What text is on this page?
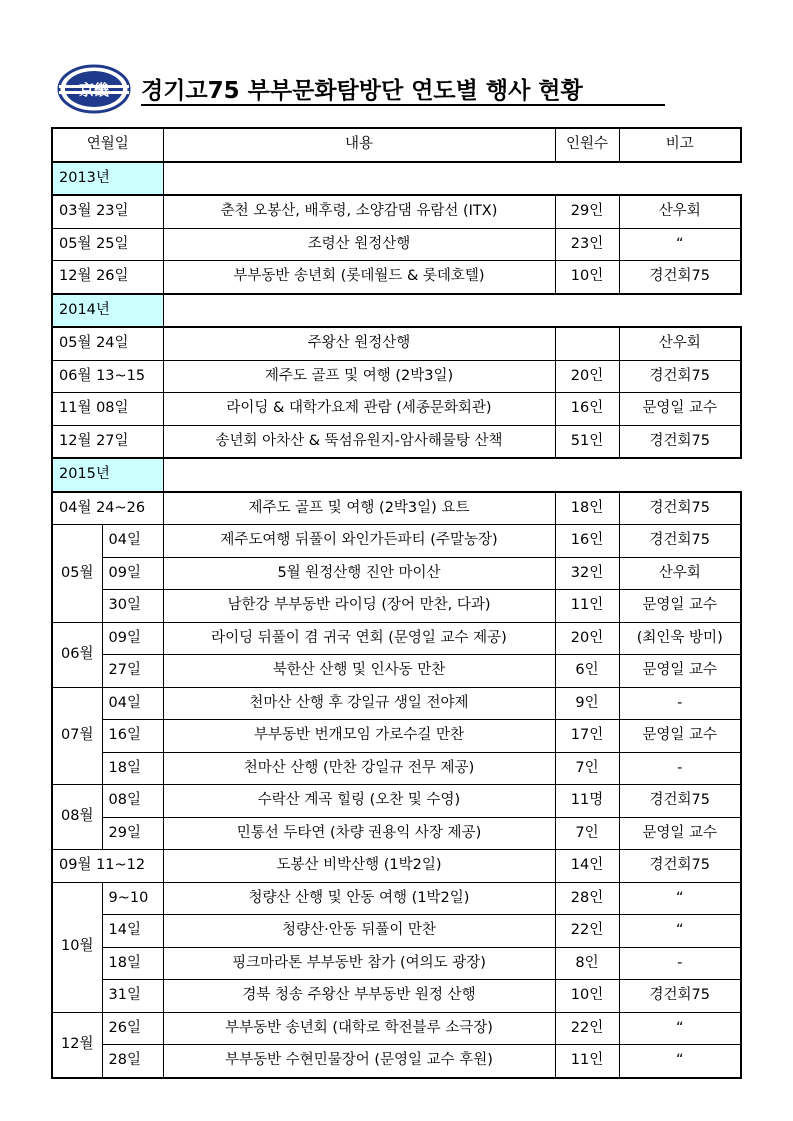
京畿 경기고75 부부문화탐방단 연도별 행사 현황
연월일		내용	인원수	비고
2013년				
03월 23일		춘천 오봉산, 배후령, 소양감댐 유람선 (ITX)	29인	산우회
05월 25일		조령산 원정산행	23인	“
12월 26일		부부동반 송년회 (롯데월드 & 롯데호텔)	10인	경건회75
2014년				
05월 24일		주왕산 원정산행		산우회
06월 13~15		제주도 골프 및 여행 (2박3일)	20인	경건회75
11월 08일		라이딩 & 대학가요제 관람 (세종문화회관)	16인	문영일 교수
12월 27일		송년회 아차산 & 뚝섬유원지-암사해물탕 산책	51인	경건회75
2015년				
04월 24~26		제주도 골프 및 여행 (2박3일) 요트	18인	경건회75
05월	04일	제주도여행 뒤풀이 와인가든파티 (주말농장)	16인	경건회75
	09일	5월 원정산행 진안 마이산	32인	산우회
	30일	남한강 부부동반 라이딩 (장어 만찬, 다과)	11인	문영일 교수
06월	09일	라이딩 뒤풀이 겸 귀국 연회 (문영일 교수 제공)	20인	(최인욱 방미)
	27일	북한산 산행 및 인사동 만찬	6인	문영일 교수
07월	04일	천마산 산행 후 강일규 생일 전야제	9인	-
	16일	부부동반 번개모임 가로수길 만찬	17인	문영일 교수
	18일	천마산 산행 (만찬 강일규 전무 제공)	7인	-
08월	08일	수락산 계곡 힐링 (오찬 및 수영)	11명	경건회75
	29일	민통선 두타연 (차량 권용익 사장 제공)	7인	문영일 교수
09월 11~12		도봉산 비박산행 (1박2일)	14인	경건회75
10월	9~10	청량산 산행 및 안동 여행 (1박2일)	28인	“
	14일	청량산·안동 뒤풀이 만찬	22인	“
	18일	핑크마라톤 부부동반 참가 (여의도 광장)	8인	-
	31일	경북 청송 주왕산 부부동반 원정 산행	10인	경건회75
12월	26일	부부동반 송년회 (대학로 학전블루 소극장)	22인	“
	28일	부부동반 수현민물장어 (문영일 교수 후원)	11인	“
